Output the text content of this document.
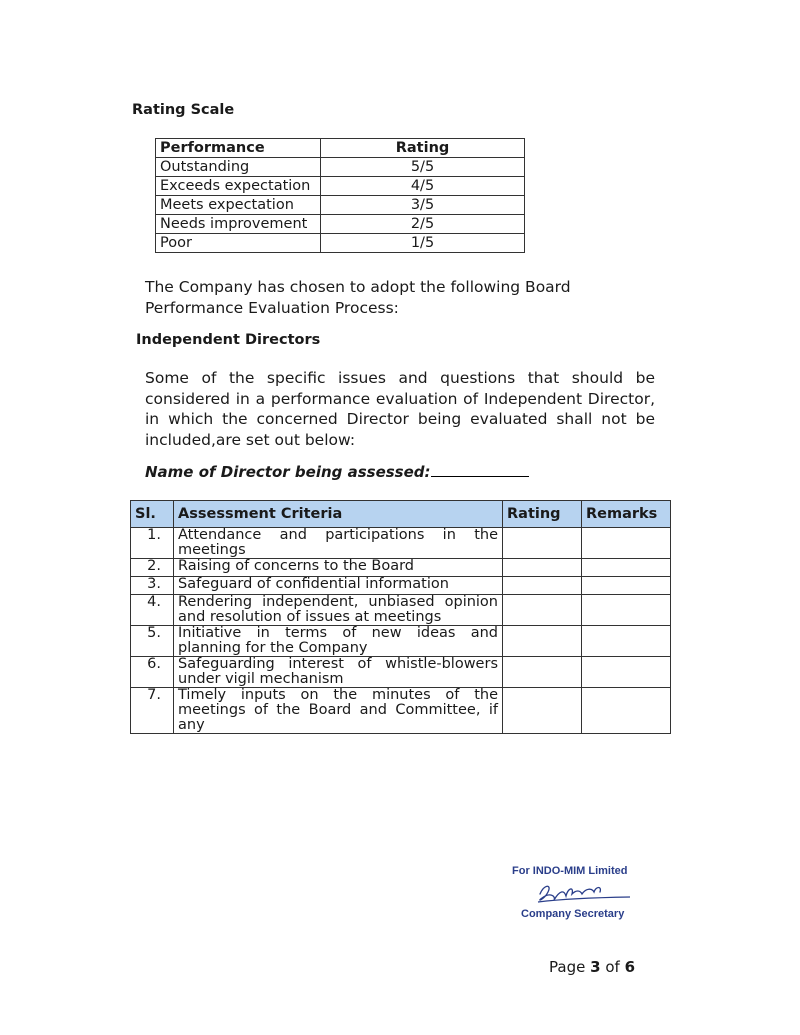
Rating Scale
Performance	Rating
Outstanding	5/5
Exceeds expectation	4/5
Meets expectation	3/5
Needs improvement	2/5
Poor	1/5
The Company has chosen to adopt the following Board Performance Evaluation Process:
Independent Directors
Some of the specific issues and questions that should be considered in a performance evaluation of Independent Director, in which the concerned Director being evaluated shall not be included,are set out below:
Name of Director being assessed:
Sl.	Assessment Criteria	Rating	Remarks
1.	Attendance and participations in the meetings		
2.	Raising of concerns to the Board		
3.	Safeguard of confidential information		
4.	Rendering independent, unbiased opinion and resolution of issues at meetings		
5.	Initiative in terms of new ideas and planning for the Company		
6.	Safeguarding interest of whistle-blowers under vigil mechanism		
7.	Timely inputs on the minutes of the meetings of the Board and Committee, if any		
For INDO-MIM Limited
Company Secretary
Page 3 of 6
